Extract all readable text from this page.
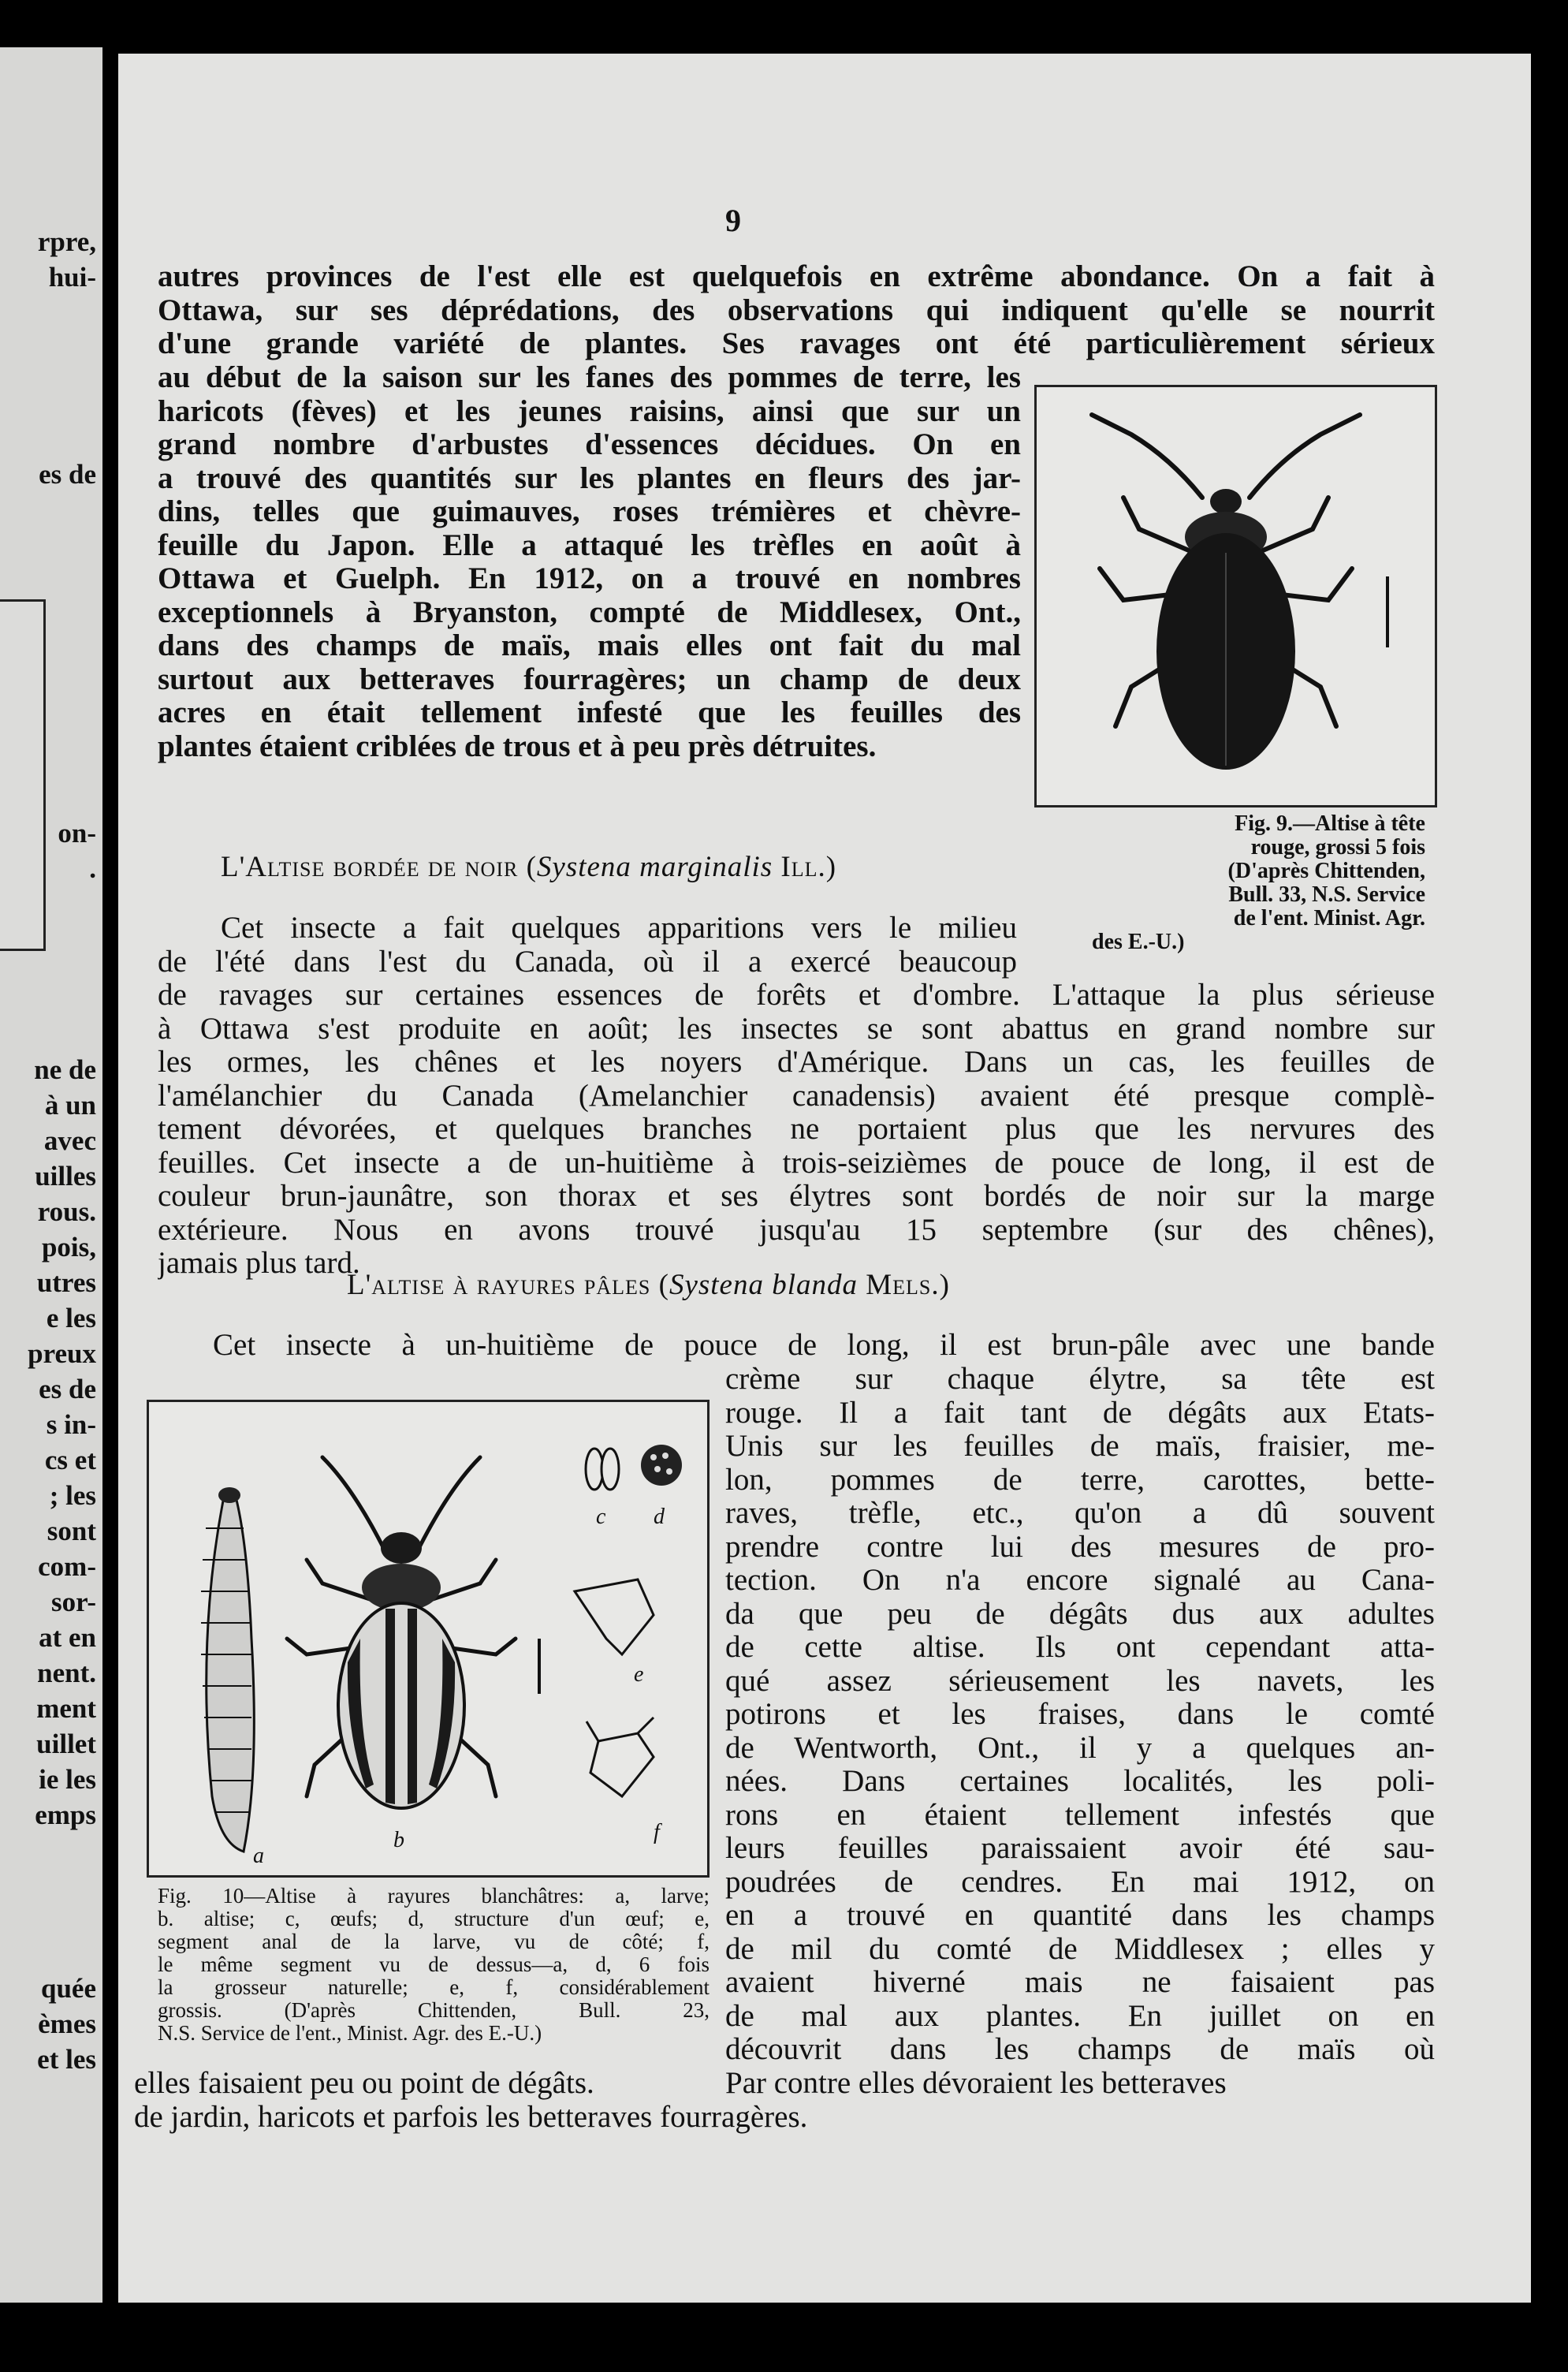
rpre,
hui-
es de
on-
.
ne de
à un
avec
uilles
rous.
pois,
utres
e les
preux
es de
s in-
cs et
; les
sont
com-
sor-
at en
nent.
ment
uillet
ie les
emps
quée
èmes
et les
9
autres provinces de l'est elle est quelquefois en extrême abondance. On a fait à
Ottawa, sur ses déprédations, des observations qui indiquent qu'elle se nourrit
d'une grande variété de plantes. Ses ravages ont été particulièrement sérieux
au début de la saison sur les fanes des pommes de terre, les
haricots (fèves) et les jeunes raisins, ainsi que sur un
grand nombre d'arbustes d'essences décidues. On en
a trouvé des quantités sur les plantes en fleurs des jar-
dins, telles que guimauves, roses trémières et chèvre-
feuille du Japon. Elle a attaqué les trèfles en août à
Ottawa et Guelph. En 1912, on a trouvé en nombres
exceptionnels à Bryanston, compté de Middlesex, Ont.,
dans des champs de maïs, mais elles ont fait du mal
surtout aux betteraves fourragères; un champ de deux
acres en était tellement infesté que les feuilles des
plantes étaient criblées de trous et à peu près détruites.
Fig. 9.—Altise à tête
rouge, grossi 5 fois
(D'après Chittenden,
Bull. 33, N.S. Service
de l'ent. Minist. Agr.
des E.-U.)
L'Altise bordée de noir (Systena marginalis Ill.)
Cet insecte a fait quelques apparitions vers le milieu
de l'été dans l'est du Canada, où il a exercé beaucoup
de ravages sur certaines essences de forêts et d'ombre. L'attaque la plus sérieuse
à Ottawa s'est produite en août; les insectes se sont abattus en grand nombre sur
les ormes, les chênes et les noyers d'Amérique. Dans un cas, les feuilles de
l'amélanchier du Canada (Amelanchier canadensis) avaient été presque complè-
tement dévorées, et quelques branches ne portaient plus que les nervures des
feuilles. Cet insecte a de un-huitième à trois-seizièmes de pouce de long, il est de
couleur brun-jaunâtre, son thorax et ses élytres sont bordés de noir sur la marge
extérieure. Nous en avons trouvé jusqu'au 15 septembre (sur des chênes),
jamais plus tard.
L'altise à rayures pâles (Systena blanda Mels.)
Cet insecte à un-huitième de pouce de long, il est brun-pâle avec une bande
crème sur chaque élytre, sa tête est
rouge. Il a fait tant de dégâts aux Etats-
Unis sur les feuilles de maïs, fraisier, me-
lon, pommes de terre, carottes, bette-
raves, trèfle, etc., qu'on a dû souvent
prendre contre lui des mesures de pro-
tection. On n'a encore signalé au Cana-
da que peu de dégâts dus aux adultes
de cette altise. Ils ont cependant atta-
qué assez sérieusement les navets, les
potirons et les fraises, dans le comté
de Wentworth, Ont., il y a quelques an-
nées. Dans certaines localités, les poli-
rons en étaient tellement infestés que
leurs feuilles paraissaient avoir été sau-
poudrées de cendres. En mai 1912, on
en a trouvé en quantité dans les champs
de mil du comté de Middlesex ; elles y
avaient hiverné mais ne faisaient pas
de mal aux plantes. En juillet on en
découvrit dans les champs de maïs où
elles faisaient peu ou point de dégâts.	Par contre elles dévoraient les betteraves
de jardin, haricots et parfois les betteraves fourragères.
a
b
c d
e
f
Fig. 10—Altise à rayures blanchâtres: a, larve;
b. altise; c, œufs; d, structure d'un œuf; e,
segment anal de la larve, vu de côté; f,
le même segment vu de dessus—a, d, 6 fois
la grosseur naturelle; e, f, considérablement
grossis. (D'après Chittenden, Bull. 23,
N.S. Service de l'ent., Minist. Agr. des E.-U.)
